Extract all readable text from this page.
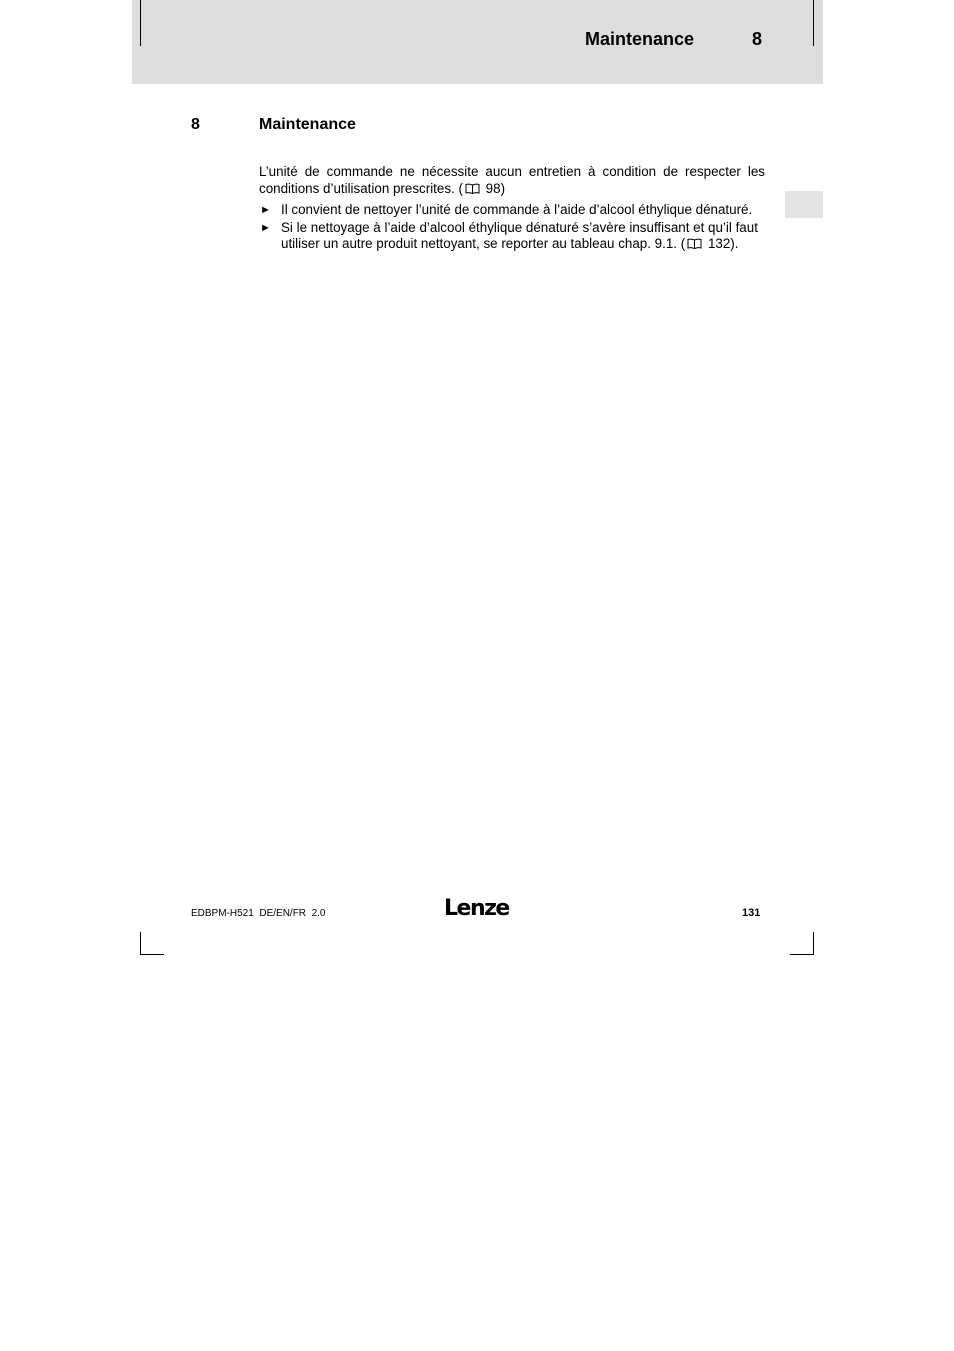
Maintenance	8
8	Maintenance
L’unité de commande ne nécessite aucun entretien à condition de respecter les conditions d’utilisation prescrites. ( 98)
► Il convient de nettoyer l’unité de commande à l’aide d’alcool éthylique dénaturé.
► Si le nettoyage à l’aide d’alcool éthylique dénaturé s’avère insuffisant et qu’il faut utiliser un autre produit nettoyant, se reporter au tableau chap. 9.1. ( 132).
EDBPM-H521  DE/EN/FR  2.0	Lenze	131
